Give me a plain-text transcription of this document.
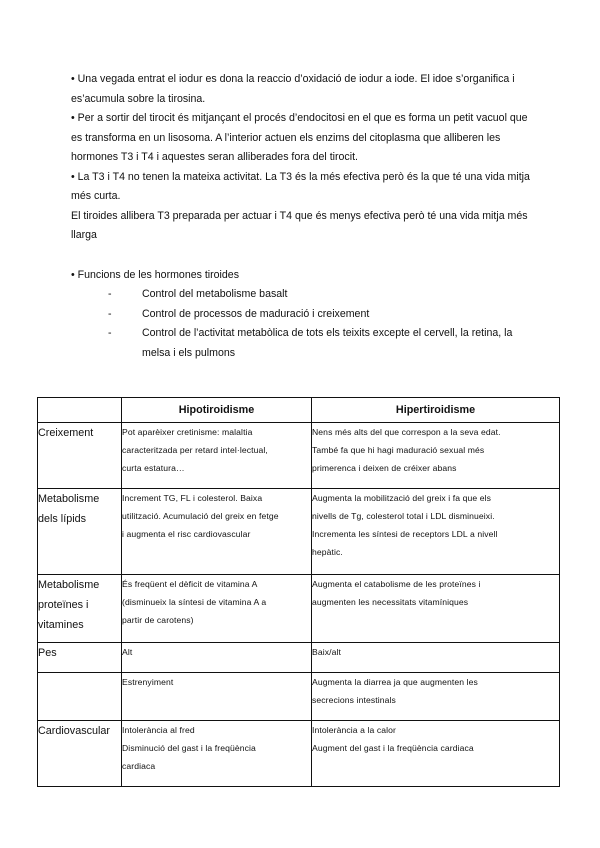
• Una vegada entrat el iodur es dona la reaccio d’oxidació de iodur a iode. El idoe s’organifica i es’acumula sobre la tirosina.

• Per a sortir del tirocit és mitjançant el procés d’endocitosi en el que es forma un petit vacuol que es transforma en un lisosoma. A l’interior actuen els enzims del citoplasma que alliberen les hormones T3 i T4 i aquestes seran alliberades fora del tirocit.

• La T3 i T4 no tenen la mateixa activitat. La T3 és la més efectiva però és la que té una vida mitja més curta.

El tiroides allibera T3 preparada per actuar i T4 que és menys efectiva però té una vida mitja més llarga

• Funcions de les hormones tiroides

- Control del metabolisme basalt
- Control de processos de maduració i creixement
- Control de l’activitat metabòlica de tots els teixits excepte el cervell, la retina, la melsa i els pulmons
	Hipotiroidisme	Hipertiroidisme
Creixement	Pot aparèixer cretinisme: malaltia
caracteritzada per retard intel·lectual,
curta estatura…	Nens més alts del que correspon a la seva edat.
També fa que hi hagi maduració sexual més
primerenca i deixen de créixer abans

Metabolisme dels lípids	Increment TG, FL i colesterol. Baixa
utilització. Acumulació del greix en fetge
i augmenta el risc cardiovascular	Augmenta la mobilització del greix i fa que els
nivells de Tg, colesterol total i LDL disminueixi.
Incrementa les síntesi de receptors LDL a nivell
hepàtic.

Metabolisme proteïnes i vitamines	És freqüent el dèficit de vitamina A
(disminueix la síntesi de vitamina A a
partir de carotens)	Augmenta el catabolisme de les proteïnes i
augmenten les necessitats vitamíniques

Pes	Alt	Baix/alt

	Estrenyiment	Augmenta la diarrea ja que augmenten les
secrecions intestinals

Cardiovascular	Intolerància al fred
Disminució del gast i la freqüència
cardiaca	Intolerància a la calor
Augment del gast i la freqüència cardiaca
